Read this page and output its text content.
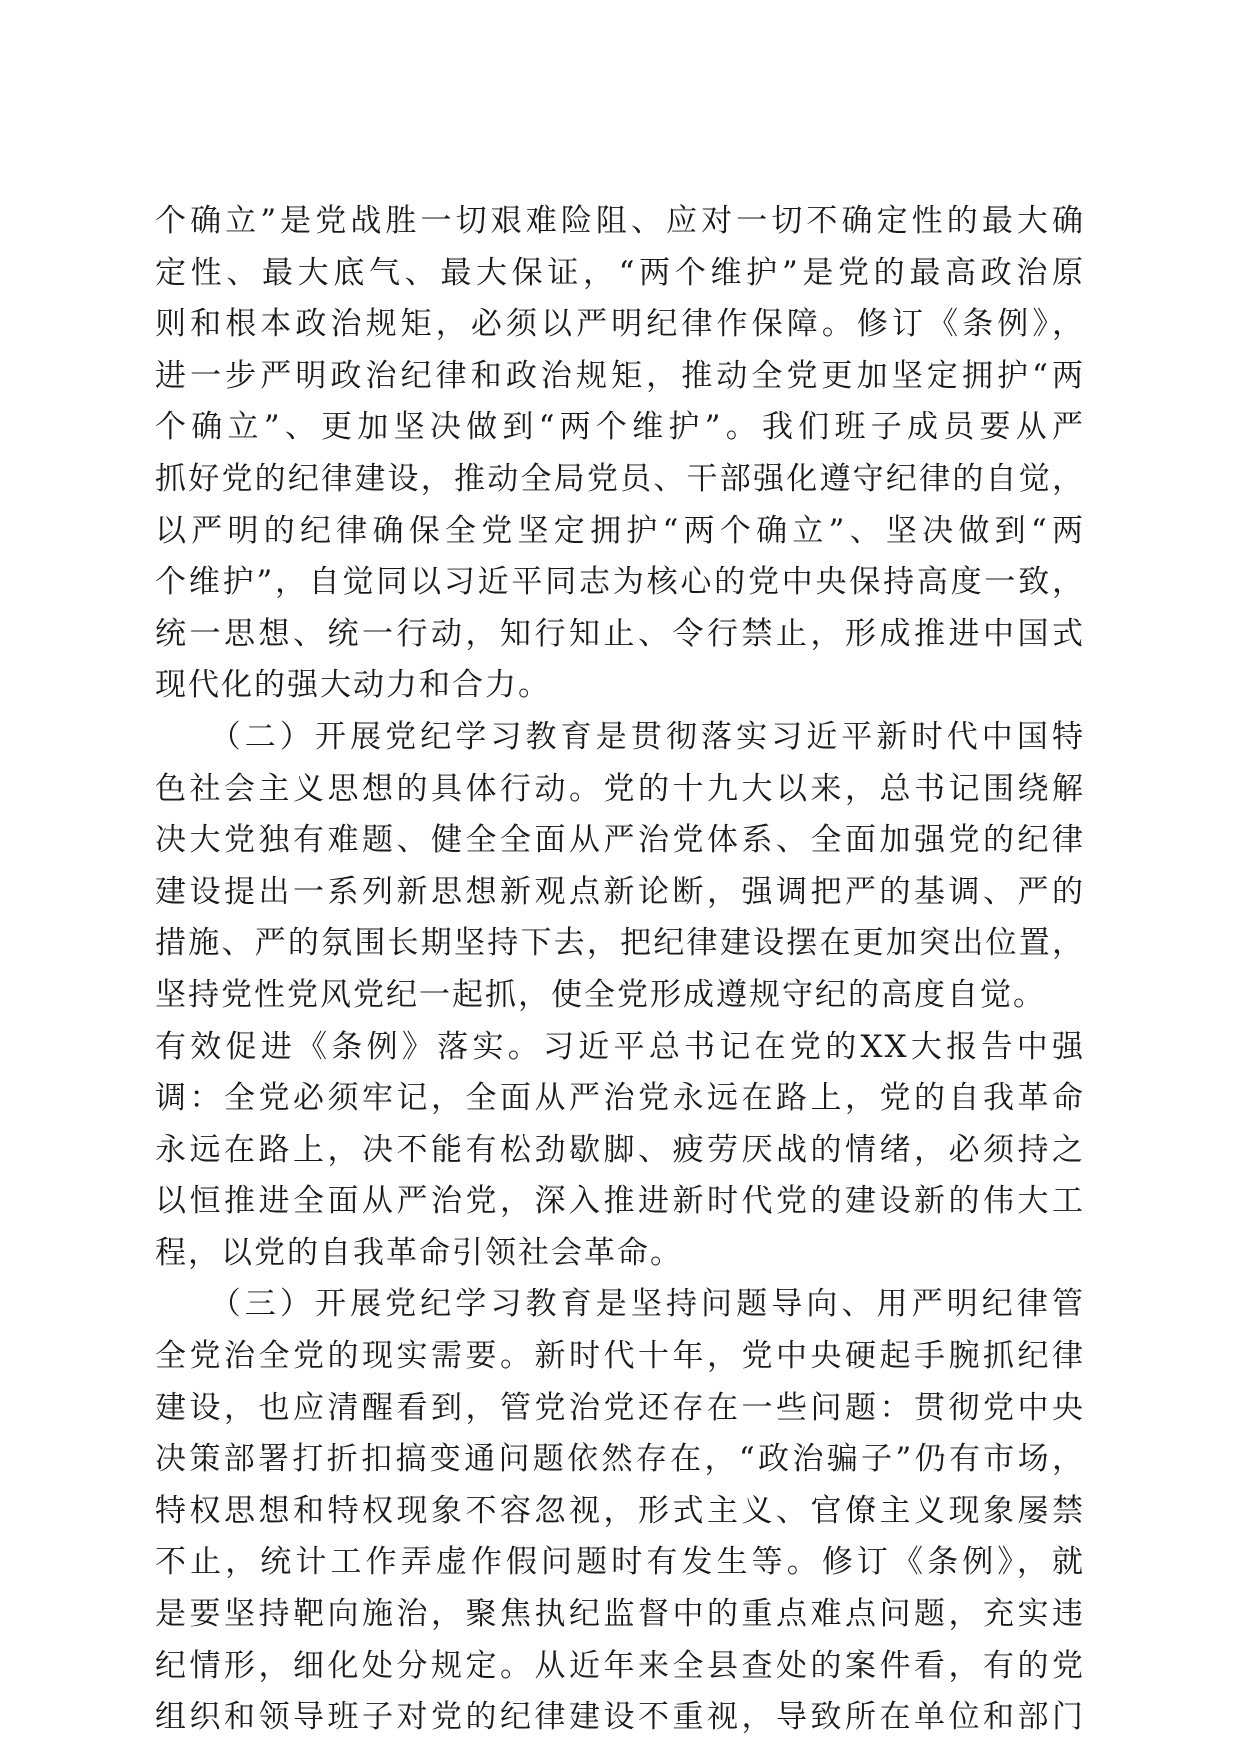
个确立”是党战胜一切艰难险阻、应对一切不确定性的最大确
定性、最大底气、最大保证，“两个维护”是党的最高政治原
则和根本政治规矩，必须以严明纪律作保障。修订《条例》，
进一步严明政治纪律和政治规矩，推动全党更加坚定拥护“两
个确立”、更加坚决做到“两个维护”。我们班子成员要从严
抓好党的纪律建设，推动全局党员、干部强化遵守纪律的自觉，
以严明的纪律确保全党坚定拥护“两个确立”、坚决做到“两
个维护”，自觉同以习近平同志为核心的党中央保持高度一致，
统一思想、统一行动，知行知止、令行禁止，形成推进中国式
现代化的强大动力和合力。
　　（二）开展党纪学习教育是贯彻落实习近平新时代中国特
色社会主义思想的具体行动。党的十九大以来，总书记围绕解
决大党独有难题、健全全面从严治党体系、全面加强党的纪律
建设提出一系列新思想新观点新论断，强调把严的基调、严的
措施、严的氛围长期坚持下去，把纪律建设摆在更加突出位置，
坚持党性党风党纪一起抓，使全党形成遵规守纪的高度自觉。
有效促进《条例》落实。习近平总书记在党的XX大报告中强
调：全党必须牢记，全面从严治党永远在路上，党的自我革命
永远在路上，决不能有松劲歇脚、疲劳厌战的情绪，必须持之
以恒推进全面从严治党，深入推进新时代党的建设新的伟大工
程，以党的自我革命引领社会革命。
　　（三）开展党纪学习教育是坚持问题导向、用严明纪律管
全党治全党的现实需要。新时代十年，党中央硬起手腕抓纪律
建设，也应清醒看到，管党治党还存在一些问题：贯彻党中央
决策部署打折扣搞变通问题依然存在，“政治骗子”仍有市场，
特权思想和特权现象不容忽视，形式主义、官僚主义现象屡禁
不止，统计工作弄虚作假问题时有发生等。修订《条例》，就
是要坚持靶向施治，聚焦执纪监督中的重点难点问题，充实违
纪情形，细化处分规定。从近年来全县查处的案件看，有的党
组织和领导班子对党的纪律建设不重视，导致所在单位和部门
